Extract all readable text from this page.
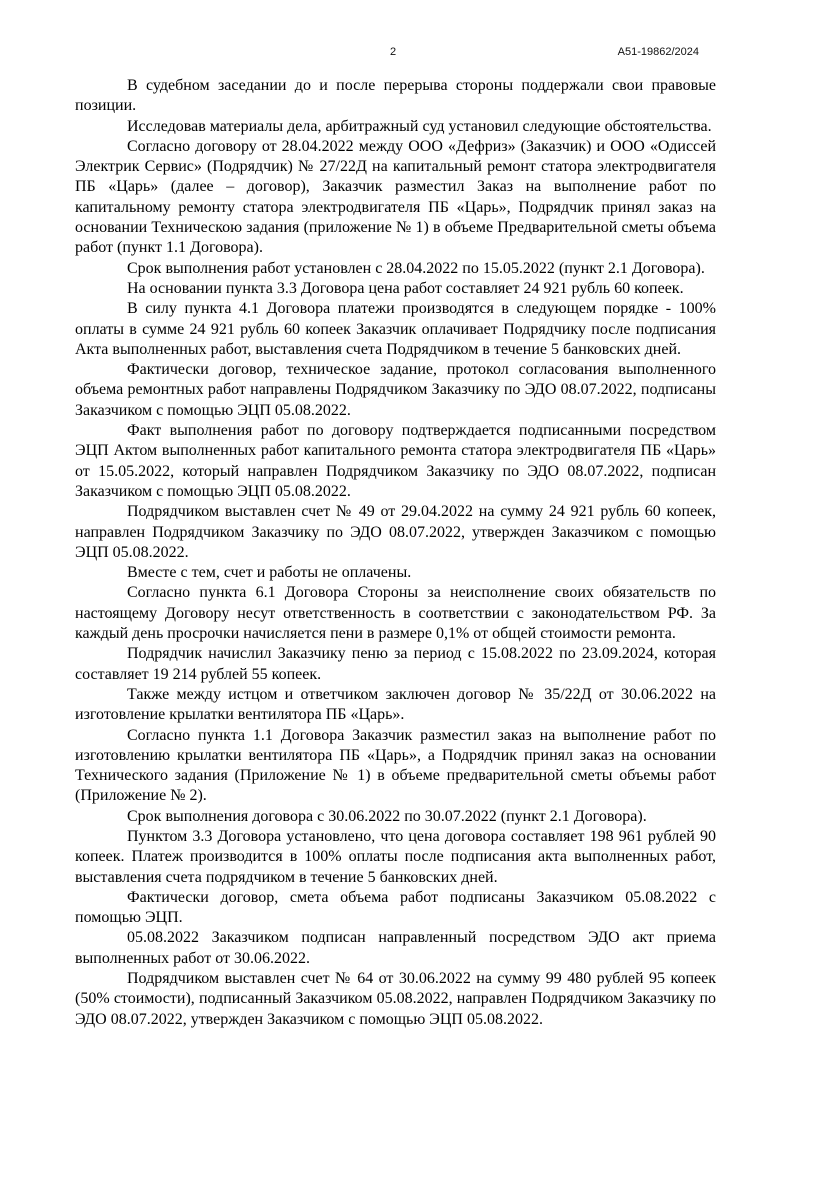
2	А51-19862/2024

В судебном заседании до и после перерыва стороны поддержали свои правовые позиции.

Исследовав материалы дела, арбитражный суд установил следующие обстоятельства.

Согласно договору от 28.04.2022 между ООО «Дефриз» (Заказчик) и ООО «Одиссей Электрик Сервис» (Подрядчик) № 27/22Д на капитальный ремонт статора электродвигателя ПБ «Царь» (далее – договор), Заказчик разместил Заказ на выполнение работ по капитальному ремонту статора электродвигателя ПБ «Царь», Подрядчик принял заказ на основании Техническою задания (приложение № 1) в объеме Предварительной сметы объема работ (пункт 1.1 Договора).

Срок выполнения работ установлен с 28.04.2022 по 15.05.2022 (пункт 2.1 Договора).

На основании пункта 3.3 Договора цена работ составляет 24 921 рубль 60 копеек.

В силу пункта 4.1 Договора платежи производятся в следующем порядке - 100% оплаты в сумме 24 921 рубль 60 копеек Заказчик оплачивает Подрядчику после подписания Акта выполненных работ, выставления счета Подрядчиком в течение 5 банковских дней.

Фактически договор, техническое задание, протокол согласования выполненного объема ремонтных работ направлены Подрядчиком Заказчику по ЭДО 08.07.2022, подписаны Заказчиком с помощью ЭЦП 05.08.2022.

Факт выполнения работ по договору подтверждается подписанными посредством ЭЦП Актом выполненных работ капитального ремонта статора электродвигателя ПБ «Царь» от 15.05.2022, который направлен Подрядчиком Заказчику по ЭДО 08.07.2022, подписан Заказчиком с помощью ЭЦП 05.08.2022.

Подрядчиком выставлен счет № 49 от 29.04.2022 на сумму 24 921 рубль 60 копеек, направлен Подрядчиком Заказчику по ЭДО 08.07.2022, утвержден Заказчиком с помощью ЭЦП 05.08.2022.

Вместе с тем, счет и работы не оплачены.

Согласно пункта 6.1 Договора Стороны за неисполнение своих обязательств по настоящему Договору несут ответственность в соответствии с законодательством РФ. За каждый день просрочки начисляется пени в размере 0,1% от общей стоимости ремонта.

Подрядчик начислил Заказчику пеню за период с 15.08.2022 по 23.09.2024, которая составляет 19 214 рублей 55 копеек.

Также между истцом и ответчиком заключен договор № 35/22Д от 30.06.2022 на изготовление крылатки вентилятора ПБ «Царь».

Согласно пункта 1.1 Договора Заказчик разместил заказ на выполнение работ по изготовлению крылатки вентилятора ПБ «Царь», а Подрядчик принял заказ на основании Технического задания (Приложение № 1) в объеме предварительной сметы объемы работ (Приложение № 2).

Срок выполнения договора с 30.06.2022 по 30.07.2022 (пункт 2.1 Договора).

Пунктом 3.3 Договора установлено, что цена договора составляет 198 961 рублей 90 копеек. Платеж производится в 100% оплаты после подписания акта выполненных работ, выставления счета подрядчиком в течение 5 банковских дней.

Фактически договор, смета объема работ подписаны Заказчиком 05.08.2022 с помощью ЭЦП.

05.08.2022 Заказчиком подписан направленный посредством ЭДО акт приема выполненных работ от 30.06.2022.

Подрядчиком выставлен счет № 64 от 30.06.2022 на сумму 99 480 рублей 95 копеек (50% стоимости), подписанный Заказчиком 05.08.2022, направлен Подрядчиком Заказчику по ЭДО 08.07.2022, утвержден Заказчиком с помощью ЭЦП 05.08.2022.
